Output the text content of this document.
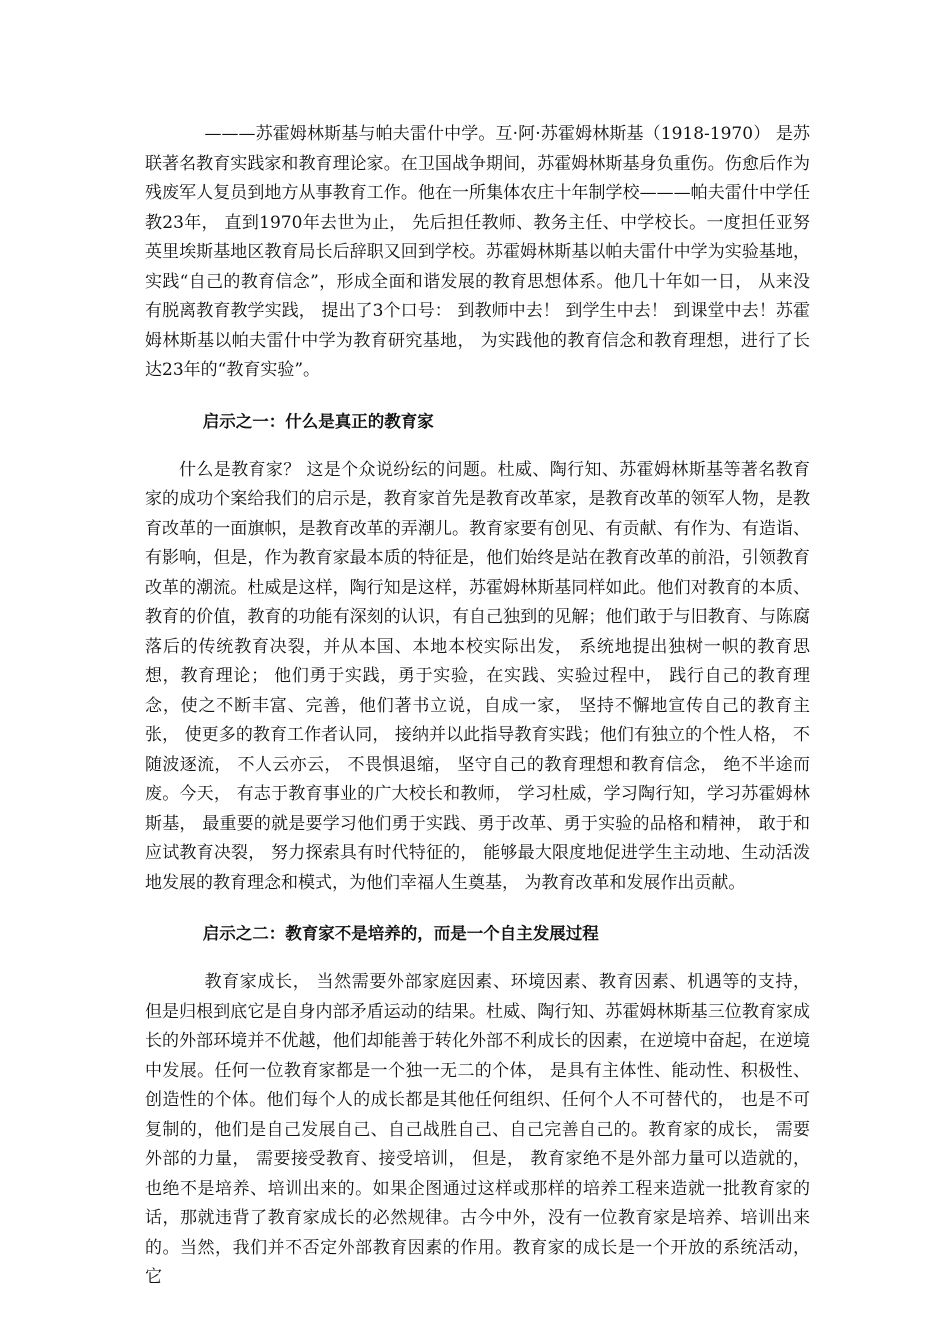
———苏霍姆林斯基与帕夫雷什中学。互·阿·苏霍姆林斯基（1918-1970） 是苏联著名教育实践家和教育理论家。在卫国战争期间，苏霍姆林斯基身负重伤。伤愈后作为残废军人复员到地方从事教育工作。他在一所集体农庄十年制学校———帕夫雷什中学任教23年， 直到1970年去世为止， 先后担任教师、教务主任、中学校长。一度担任亚努英里埃斯基地区教育局长后辞职又回到学校。苏霍姆林斯基以帕夫雷什中学为实验基地，实践“自己的教育信念”，形成全面和谐发展的教育思想体系。他几十年如一日， 从来没有脱离教育教学实践， 提出了3个口号： 到教师中去！ 到学生中去！ 到课堂中去！苏霍姆林斯基以帕夫雷什中学为教育研究基地， 为实践他的教育信念和教育理想，进行了长达23年的“教育实验”。

启示之一：什么是真正的教育家

什么是教育家？ 这是个众说纷纭的问题。杜威、陶行知、苏霍姆林斯基等著名教育家的成功个案给我们的启示是，教育家首先是教育改革家，是教育改革的领军人物，是教育改革的一面旗帜，是教育改革的弄潮儿。教育家要有创见、有贡献、有作为、有造诣、有影响，但是，作为教育家最本质的特征是，他们始终是站在教育改革的前沿，引领教育改革的潮流。杜威是这样，陶行知是这样，苏霍姆林斯基同样如此。他们对教育的本质、教育的价值，教育的功能有深刻的认识，有自己独到的见解；他们敢于与旧教育、与陈腐落后的传统教育决裂，并从本国、本地本校实际出发， 系统地提出独树一帜的教育思想，教育理论； 他们勇于实践，勇于实验，在实践、实验过程中， 践行自己的教育理念，使之不断丰富、完善，他们著书立说，自成一家， 坚持不懈地宣传自己的教育主张， 使更多的教育工作者认同， 接纳并以此指导教育实践；他们有独立的个性人格， 不随波逐流， 不人云亦云， 不畏惧退缩， 坚守自己的教育理想和教育信念， 绝不半途而废。今天， 有志于教育事业的广大校长和教师， 学习杜威，学习陶行知，学习苏霍姆林斯基， 最重要的就是要学习他们勇于实践、勇于改革、勇于实验的品格和精神， 敢于和应试教育决裂， 努力探索具有时代特征的， 能够最大限度地促进学生主动地、生动活泼地发展的教育理念和模式，为他们幸福人生奠基， 为教育改革和发展作出贡献。

启示之二：教育家不是培养的，而是一个自主发展过程

教育家成长， 当然需要外部家庭因素、环境因素、教育因素、机遇等的支持， 但是归根到底它是自身内部矛盾运动的结果。杜威、陶行知、苏霍姆林斯基三位教育家成长的外部环境并不优越，他们却能善于转化外部不利成长的因素，在逆境中奋起，在逆境中发展。任何一位教育家都是一个独一无二的个体， 是具有主体性、能动性、积极性、创造性的个体。他们每个人的成长都是其他任何组织、任何个人不可替代的， 也是不可复制的，他们是自己发展自己、自己战胜自己、自己完善自己的。教育家的成长， 需要外部的力量， 需要接受教育、接受培训， 但是， 教育家绝不是外部力量可以造就的， 也绝不是培养、培训出来的。如果企图通过这样或那样的培养工程来造就一批教育家的话，那就违背了教育家成长的必然规律。古今中外，没有一位教育家是培养、培训出来的。当然，我们并不否定外部教育因素的作用。教育家的成长是一个开放的系统活动， 它
